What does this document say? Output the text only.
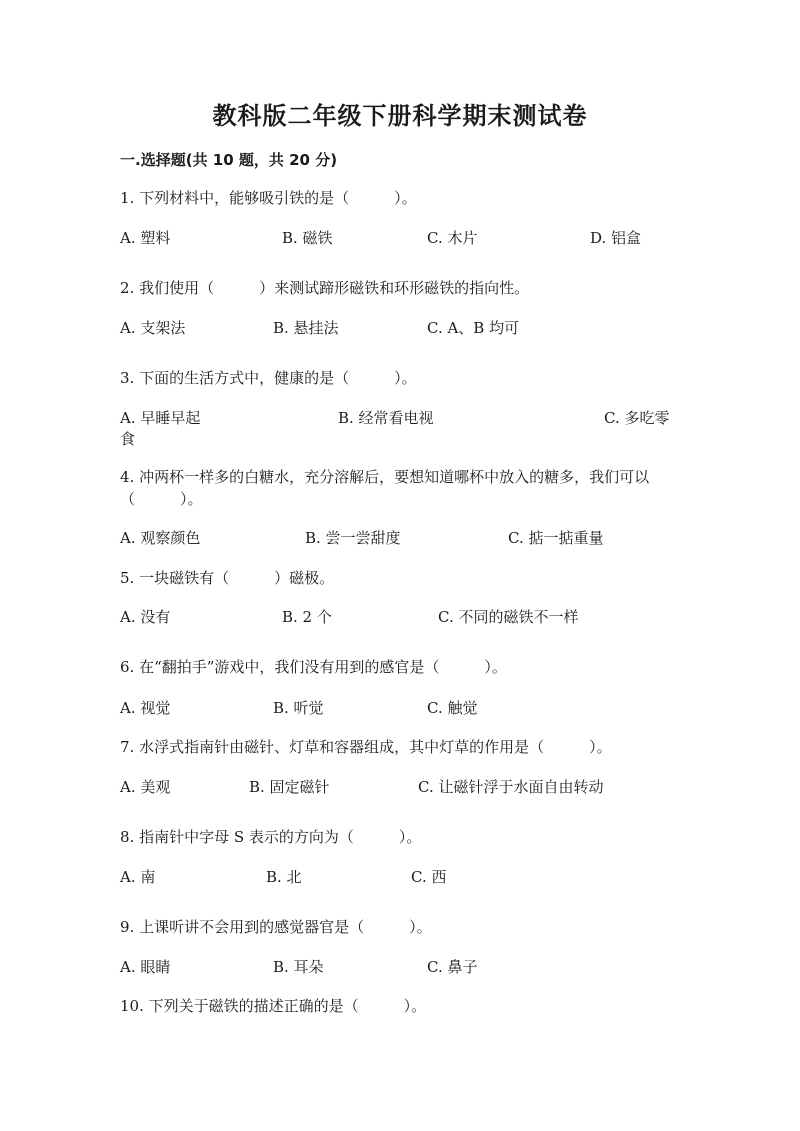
教科版二年级下册科学期末测试卷
一.选择题(共 10 题，共 20 分)
1. 下列材料中，能够吸引铁的是（　　　）。
A. 塑料	B. 磁铁	C. 木片	D. 铝盒
2. 我们使用（　　　）来测试蹄形磁铁和环形磁铁的指向性。
A. 支架法	B. 悬挂法	C. A、B 均可
3. 下面的生活方式中，健康的是（　　　）。
A. 早睡早起	B. 经常看电视	C. 多吃零
食
4. 冲两杯一样多的白糖水，充分溶解后，要想知道哪杯中放入的糖多，我们可以（　　　）。
A. 观察颜色	B. 尝一尝甜度	C. 掂一掂重量
5. 一块磁铁有（　　　）磁极。
A. 没有	B. 2 个	C. 不同的磁铁不一样
6. 在“翻拍手”游戏中，我们没有用到的感官是（　　　）。
A. 视觉	B. 听觉	C. 触觉
7. 水浮式指南针由磁针、灯草和容器组成，其中灯草的作用是（　　　）。
A. 美观	B. 固定磁针	C. 让磁针浮于水面自由转动
8. 指南针中字母 S 表示的方向为（　　　）。
A. 南	B. 北	C. 西
9. 上课听讲不会用到的感觉器官是（　　　）。
A. 眼睛	B. 耳朵	C. 鼻子
10. 下列关于磁铁的描述正确的是（　　　）。
